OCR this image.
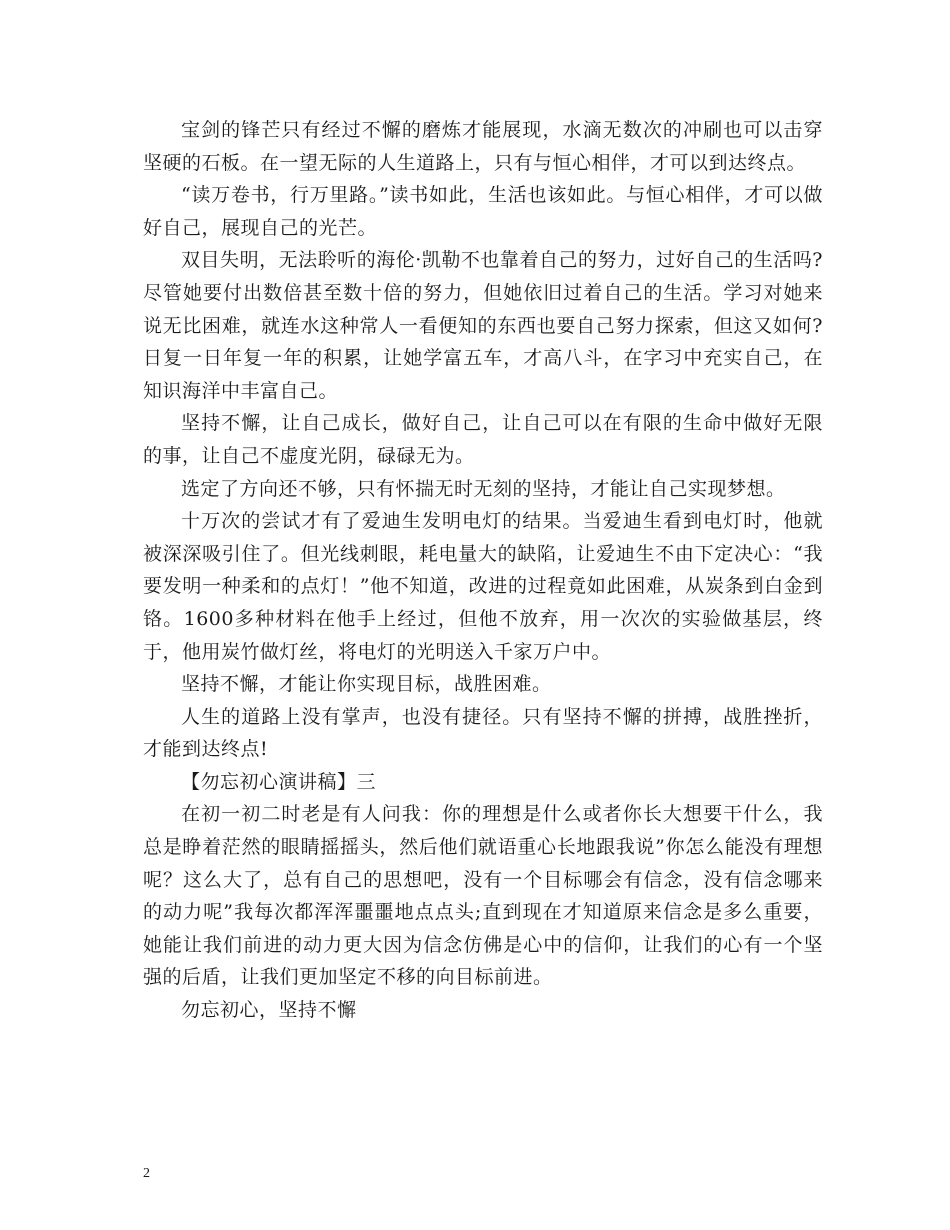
宝剑的锋芒只有经过不懈的磨炼才能展现，水滴无数次的冲刷也可以击穿坚硬的石板。在一望无际的人生道路上，只有与恒心相伴，才可以到达终点。

“读万卷书，行万里路。”读书如此，生活也该如此。与恒心相伴，才可以做好自己，展现自己的光芒。

双目失明，无法聆听的海伦·凯勒不也靠着自己的努力，过好自己的生活吗?尽管她要付出数倍甚至数十倍的努力，但她依旧过着自己的生活。学习对她来说无比困难，就连水这种常人一看便知的东西也要自己努力探索，但这又如何?日复一日年复一年的积累，让她学富五车，才高八斗，在字习中充实自己，在知识海洋中丰富自己。

坚持不懈，让自己成长，做好自己，让自己可以在有限的生命中做好无限的事，让自己不虚度光阴，碌碌无为。

选定了方向还不够，只有怀揣无时无刻的坚持，才能让自己实现梦想。

十万次的尝试才有了爱迪生发明电灯的结果。当爱迪生看到电灯时，他就被深深吸引住了。但光线刺眼，耗电量大的缺陷，让爱迪生不由下定决心：“我要发明一种柔和的点灯！”他不知道，改进的过程竟如此困难，从炭条到白金到铬。1600多种材料在他手上经过，但他不放弃，用一次次的实验做基层，终于，他用炭竹做灯丝，将电灯的光明送入千家万户中。

坚持不懈，才能让你实现目标，战胜困难。

人生的道路上没有掌声，也没有捷径。只有坚持不懈的拼搏，战胜挫折，才能到达终点!

【勿忘初心演讲稿】三

在初一初二时老是有人问我：你的理想是什么或者你长大想要干什么，我总是睁着茫然的眼睛摇摇头，然后他们就语重心长地跟我说”你怎么能没有理想呢？这么大了，总有自己的思想吧，没有一个目标哪会有信念，没有信念哪来的动力呢”我每次都浑浑噩噩地点点头;直到现在才知道原来信念是多么重要，她能让我们前进的动力更大因为信念仿佛是心中的信仰，让我们的心有一个坚强的后盾，让我们更加坚定不移的向目标前进。

勿忘初心，坚持不懈

2
